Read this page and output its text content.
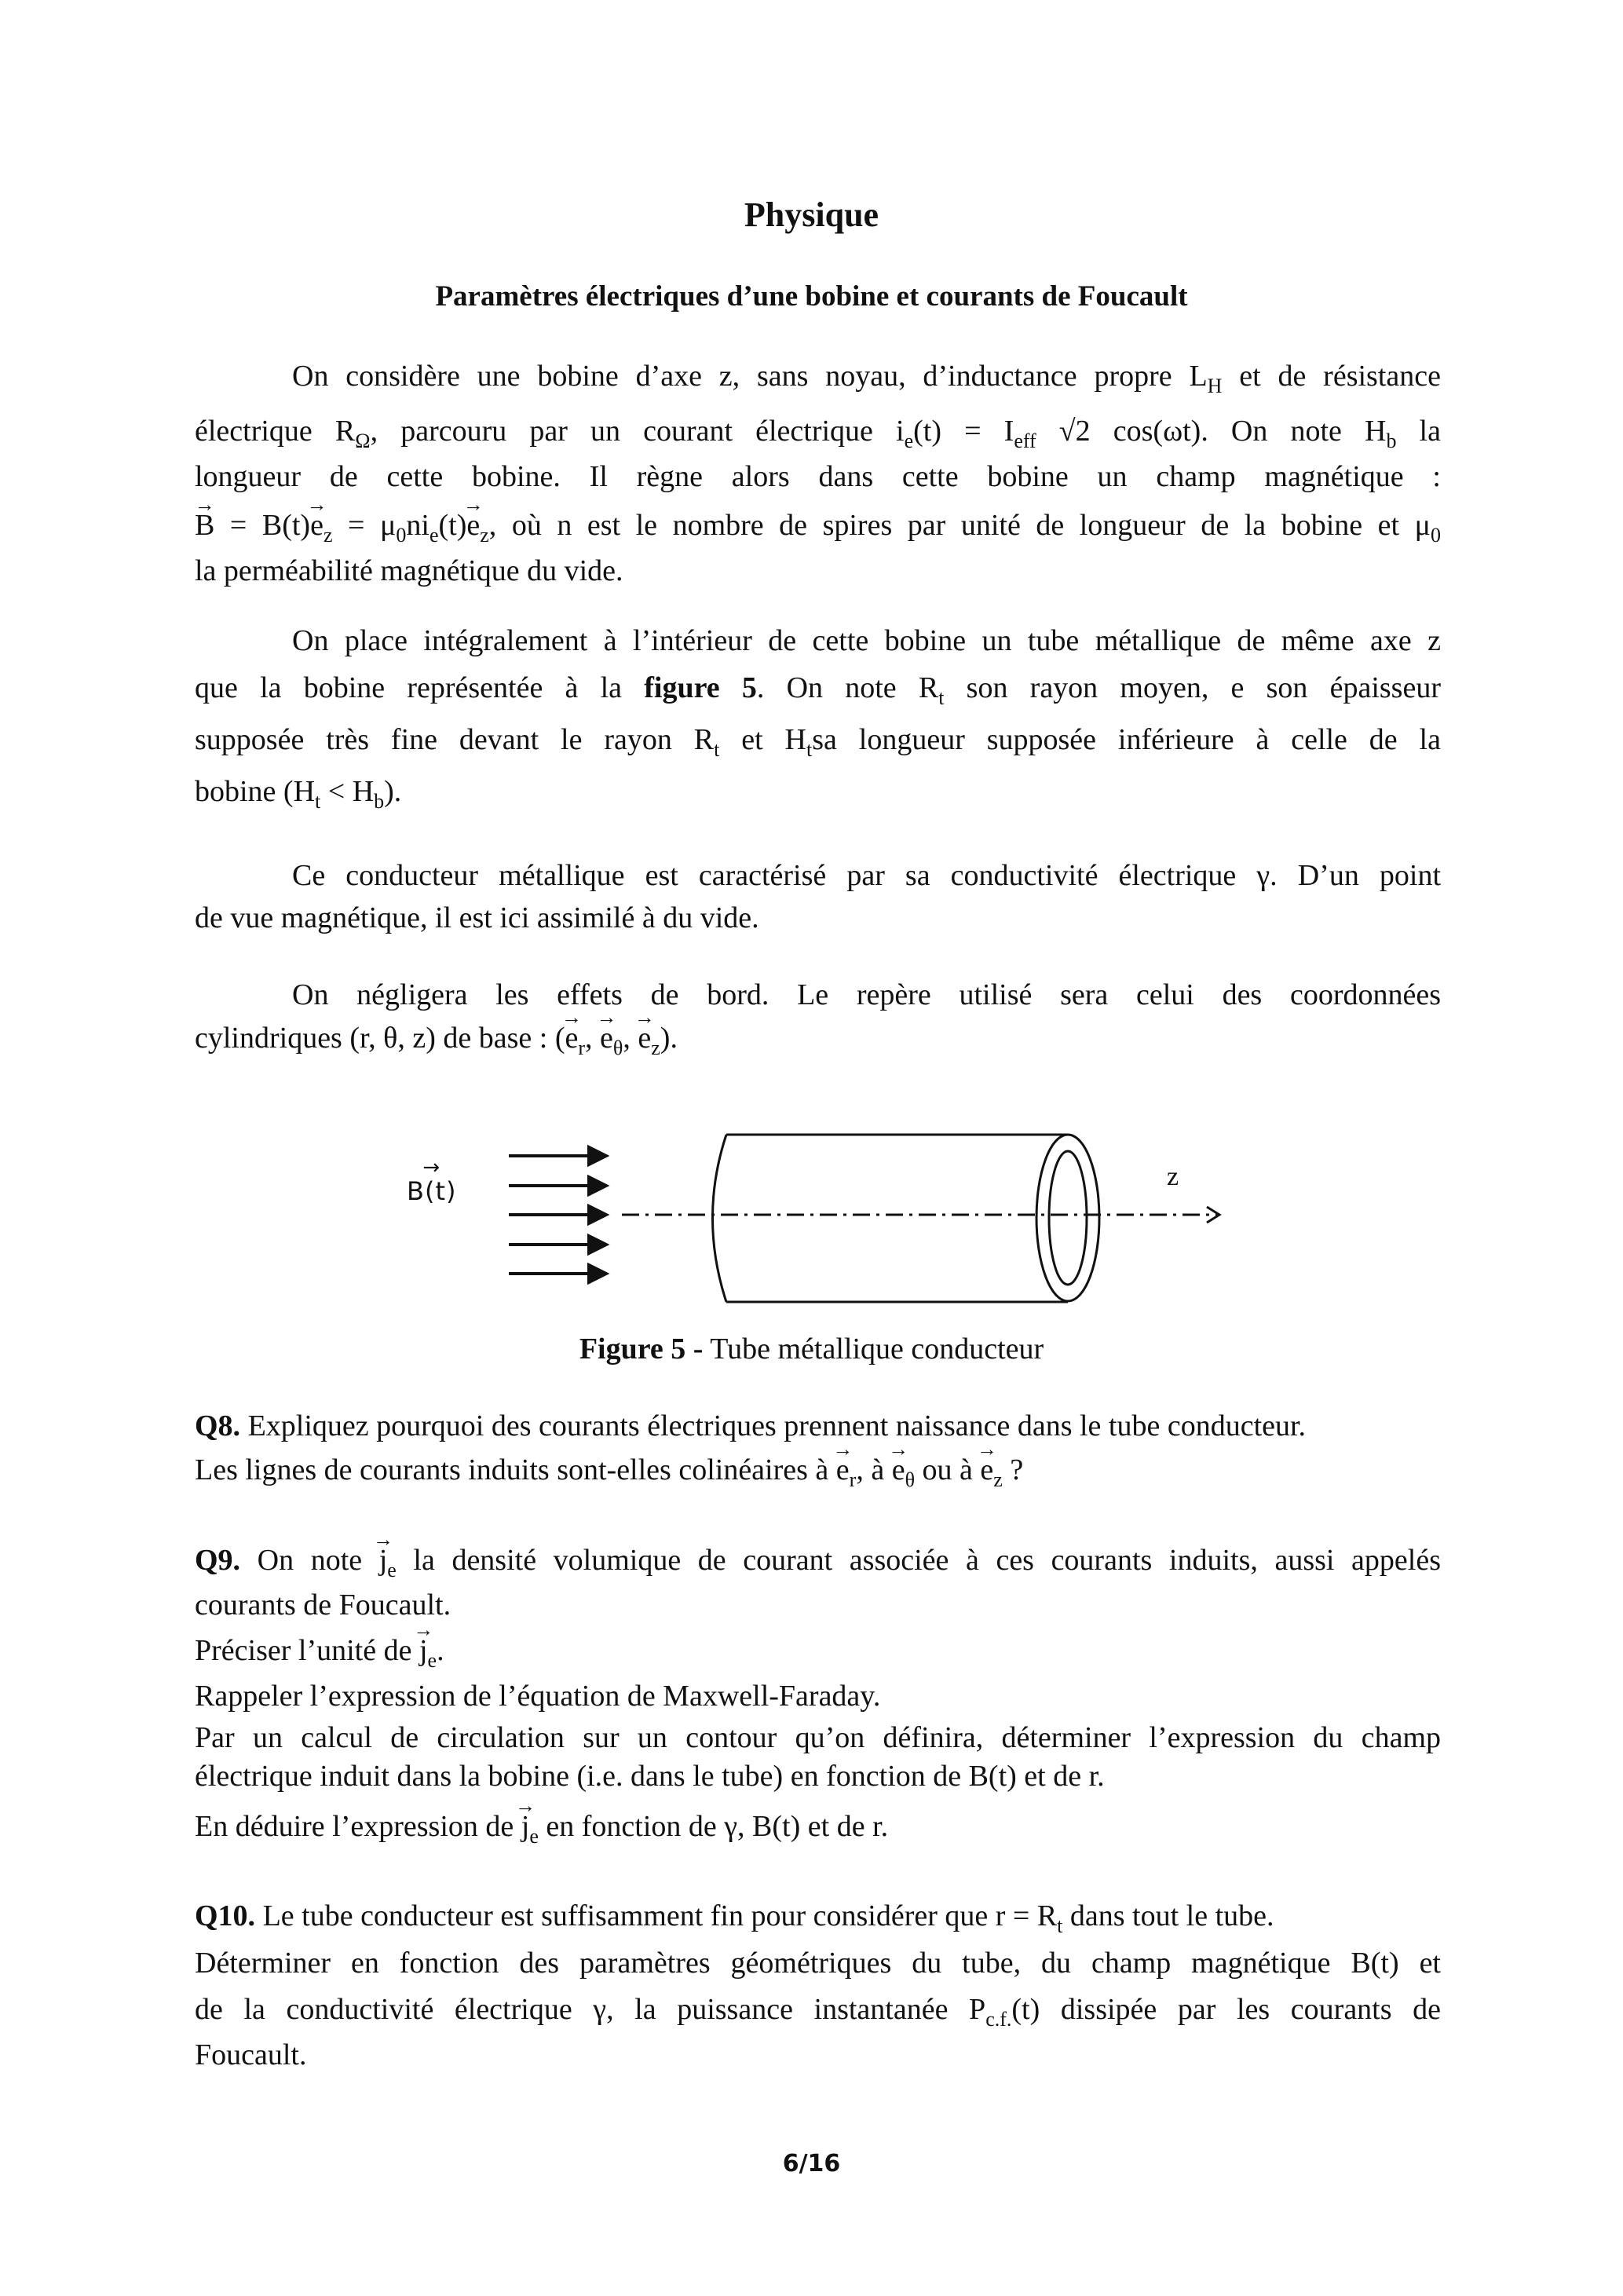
Physique
Paramètres électriques d’une bobine et courants de Foucault
On considère une bobine d’axe z, sans noyau, d’inductance propre $L_H$ et de résistance
électrique $R_\Omega$, parcouru par un courant électrique $i_e(t) = I_{eff}$ √2 cos(ωt). On note $H_b$ la
longueur de cette bobine. Il règne alors dans cette bobine un champ magnétique :
→ $B = B(t)\to e_z = \mu_0ni_e(t)\to e_z$, où n est le nombre de spires par unité de longueur de la bobine et $\mu_0$
la perméabilité magnétique du vide.
On place intégralement à l’intérieur de cette bobine un tube métallique de même axe z
que la bobine représentée à la figure 5. On note $R_t$ son rayon moyen, e son épaisseur
supposée très fine devant le rayon $R_t$ et $H_tsa$ longueur supposée inférieure à celle de la
bobine $(H_t < H_b)$.
Ce conducteur métallique est caractérisé par sa conductivité électrique γ. D’un point
de vue magnétique, il est ici assimilé à du vide.
On négligera les effets de bord. Le repère utilisé sera celui des coordonnées
cylindriques (r, θ, z) de base : (→ $e_r$, → $e_\theta$, → $e_z$).
→ B(t)	z
Figure 5 - Tube métallique conducteur
Q8. Expliquez pourquoi des courants électriques prennent naissance dans le tube conducteur.
Les lignes de courants induits sont-elles colinéaires à → $e_r$, à → $e_\theta$ ou à → $e_z$ ?
Q9. On note → $j_e$ la densité volumique de courant associée à ces courants induits, aussi appelés
courants de Foucault.
Préciser l’unité de → $j_e$.
Rappeler l’expression de l’équation de Maxwell-Faraday.
Par un calcul de circulation sur un contour qu’on définira, déterminer l’expression du champ
électrique induit dans la bobine (i.e. dans le tube) en fonction de B(t) et de r.
En déduire l’expression de → $j_e$ en fonction de γ, B(t) et de r.
Q10. Le tube conducteur est suffisamment fin pour considérer que $r = R_t$ dans tout le tube.
Déterminer en fonction des paramètres géométriques du tube, du champ magnétique B(t) et
de la conductivité électrique γ, la puissance instantanée $P_{c.f.}(t)$ dissipée par les courants de
Foucault.
6/16
